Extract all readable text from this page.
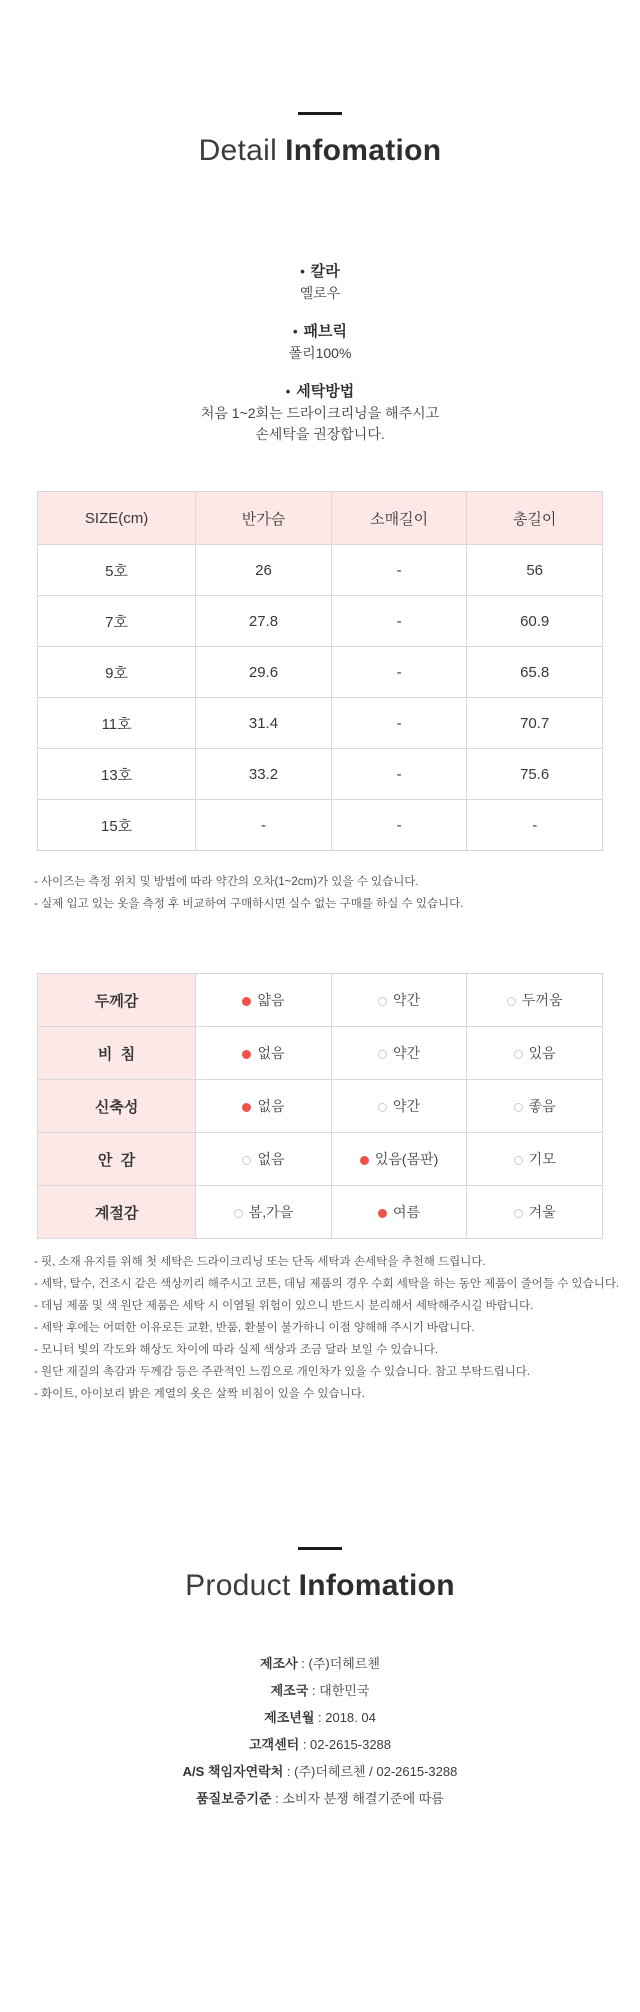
Detail Infomation
• 칼라
옐로우
• 패브릭
폴리100%
• 세탁방법
처음 1~2회는 드라이크리닝을 해주시고
손세탁을 권장합니다.
SIZE(cm)	반가슴	소매길이	총길이
5호	26	-	56
7호	27.8	-	60.9
9호	29.6	-	65.8
11호	31.4	-	70.7
13호	33.2	-	75.6
15호	-	-	-
- 사이즈는 측정 위치 및 방법에 따라 약간의 오차(1~2cm)가 있을 수 있습니다.
- 실제 입고 있는 옷을 측정 후 비교하여 구매하시면 실수 없는 구매를 하실 수 있습니다.
두께감	얇음	약간	두꺼움
비  침	없음	약간	있음
신축성	없음	약간	좋음
안  감	없음	있음(몸판)	기모
계절감	봄,가을	여름	겨울
- 핏, 소재 유지를 위해 첫 세탁은 드라이크리닝 또는 단독 세탁과 손세탁을 추천해 드립니다.
- 세탁, 탈수, 건조시 같은 색상끼리 해주시고 코튼, 데님 제품의 경우 수회 세탁을 하는 동안 제품이 줄어들 수 있습니다.
- 데님 제품 및 색 원단 제품은 세탁 시 이염될 위험이 있으니 반드시 분리해서 세탁해주시길 바랍니다.
- 세탁 후에는 어떠한 이유로든 교환, 반품, 환불이 불가하니 이점 양해해 주시기 바랍니다.
- 모니터 빛의 각도와 해상도 차이에 따라 실제 색상과 조금 달라 보일 수 있습니다.
- 원단 재질의 촉감과 두께감 등은 주관적인 느낌으로 개인차가 있을 수 있습니다. 참고 부탁드립니다.
- 화이트, 아이보리 밝은 계열의 옷은 살짝 비침이 있을 수 있습니다.
Product Infomation
제조사 : (주)더헤르첸
제조국 : 대한민국
제조년월 : 2018. 04
고객센터 : 02-2615-3288
A/S 책임자연락처 : (주)더헤르첸 / 02-2615-3288
품질보증기준 : 소비자 분쟁 해결기준에 따름
